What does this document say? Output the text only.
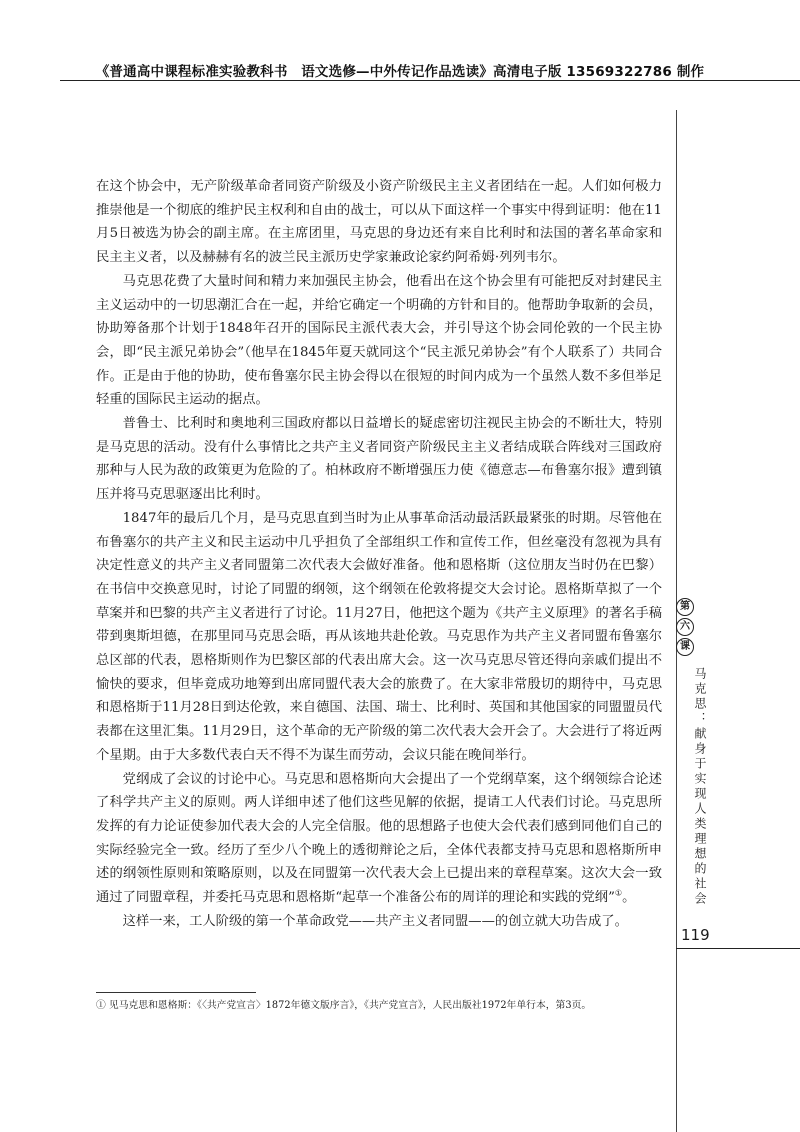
《普通高中课程标准实验教科书　语文选修—中外传记作品选读》高清电子版 13569322786 制作

在这个协会中，无产阶级革命者同资产阶级及小资产阶级民主主义者团结在一起。人们如何极力推崇他是一个彻底的维护民主权利和自由的战士，可以从下面这样一个事实中得到证明：他在11月5日被选为协会的副主席。在主席团里，马克思的身边还有来自比利时和法国的著名革命家和民主主义者，以及赫赫有名的波兰民主派历史学家兼政论家约阿希姆·列列韦尔。

马克思花费了大量时间和精力来加强民主协会，他看出在这个协会里有可能把反对封建民主主义运动中的一切思潮汇合在一起，并给它确定一个明确的方针和目的。他帮助争取新的会员，协助筹备那个计划于1848年召开的国际民主派代表大会，并引导这个协会同伦敦的一个民主协会，即“民主派兄弟协会”（他早在1845年夏天就同这个“民主派兄弟协会”有个人联系了）共同合作。正是由于他的协助，使布鲁塞尔民主协会得以在很短的时间内成为一个虽然人数不多但举足轻重的国际民主运动的据点。

普鲁士、比利时和奥地利三国政府都以日益增长的疑虑密切注视民主协会的不断壮大，特别是马克思的活动。没有什么事情比之共产主义者同资产阶级民主主义者结成联合阵线对三国政府那种与人民为敌的政策更为危险的了。柏林政府不断增强压力使《德意志—布鲁塞尔报》遭到镇压并将马克思驱逐出比利时。

1847年的最后几个月，是马克思直到当时为止从事革命活动最活跃最紧张的时期。尽管他在布鲁塞尔的共产主义和民主运动中几乎担负了全部组织工作和宣传工作，但丝毫没有忽视为具有决定性意义的共产主义者同盟第二次代表大会做好准备。他和恩格斯（这位朋友当时仍在巴黎）在书信中交换意见时，讨论了同盟的纲领，这个纲领在伦敦将提交大会讨论。恩格斯草拟了一个草案并和巴黎的共产主义者进行了讨论。11月27日，他把这个题为《共产主义原理》的著名手稿带到奥斯坦德，在那里同马克思会晤，再从该地共赴伦敦。马克思作为共产主义者同盟布鲁塞尔总区部的代表，恩格斯则作为巴黎区部的代表出席大会。这一次马克思尽管还得向亲戚们提出不愉快的要求，但毕竟成功地筹到出席同盟代表大会的旅费了。在大家非常殷切的期待中，马克思和恩格斯于11月28日到达伦敦，来自德国、法国、瑞士、比利时、英国和其他国家的同盟盟员代表都在这里汇集。11月29日，这个革命的无产阶级的第二次代表大会开会了。大会进行了将近两个星期。由于大多数代表白天不得不为谋生而劳动，会议只能在晚间举行。

党纲成了会议的讨论中心。马克思和恩格斯向大会提出了一个党纲草案，这个纲领综合论述了科学共产主义的原则。两人详细申述了他们这些见解的依据，提请工人代表们讨论。马克思所发挥的有力论证使参加代表大会的人完全信服。他的思想路子也使大会代表们感到同他们自己的实际经验完全一致。经历了至少八个晚上的透彻辩论之后，全体代表都支持马克思和恩格斯所申述的纲领性原则和策略原则，以及在同盟第一次代表大会上已提出来的章程草案。这次大会一致通过了同盟章程，并委托马克思和恩格斯“起草一个准备公布的周详的理论和实践的党纲”①。

这样一来，工人阶级的第一个革命政党——共产主义者同盟——的创立就大功告成了。

第
六
课
马克思：献身于实现人类理想的社会
119
① 见马克思和恩格斯：《〈共产党宣言〉1872年德文版序言》，《共产党宣言》，人民出版社1972年单行本，第3页。
